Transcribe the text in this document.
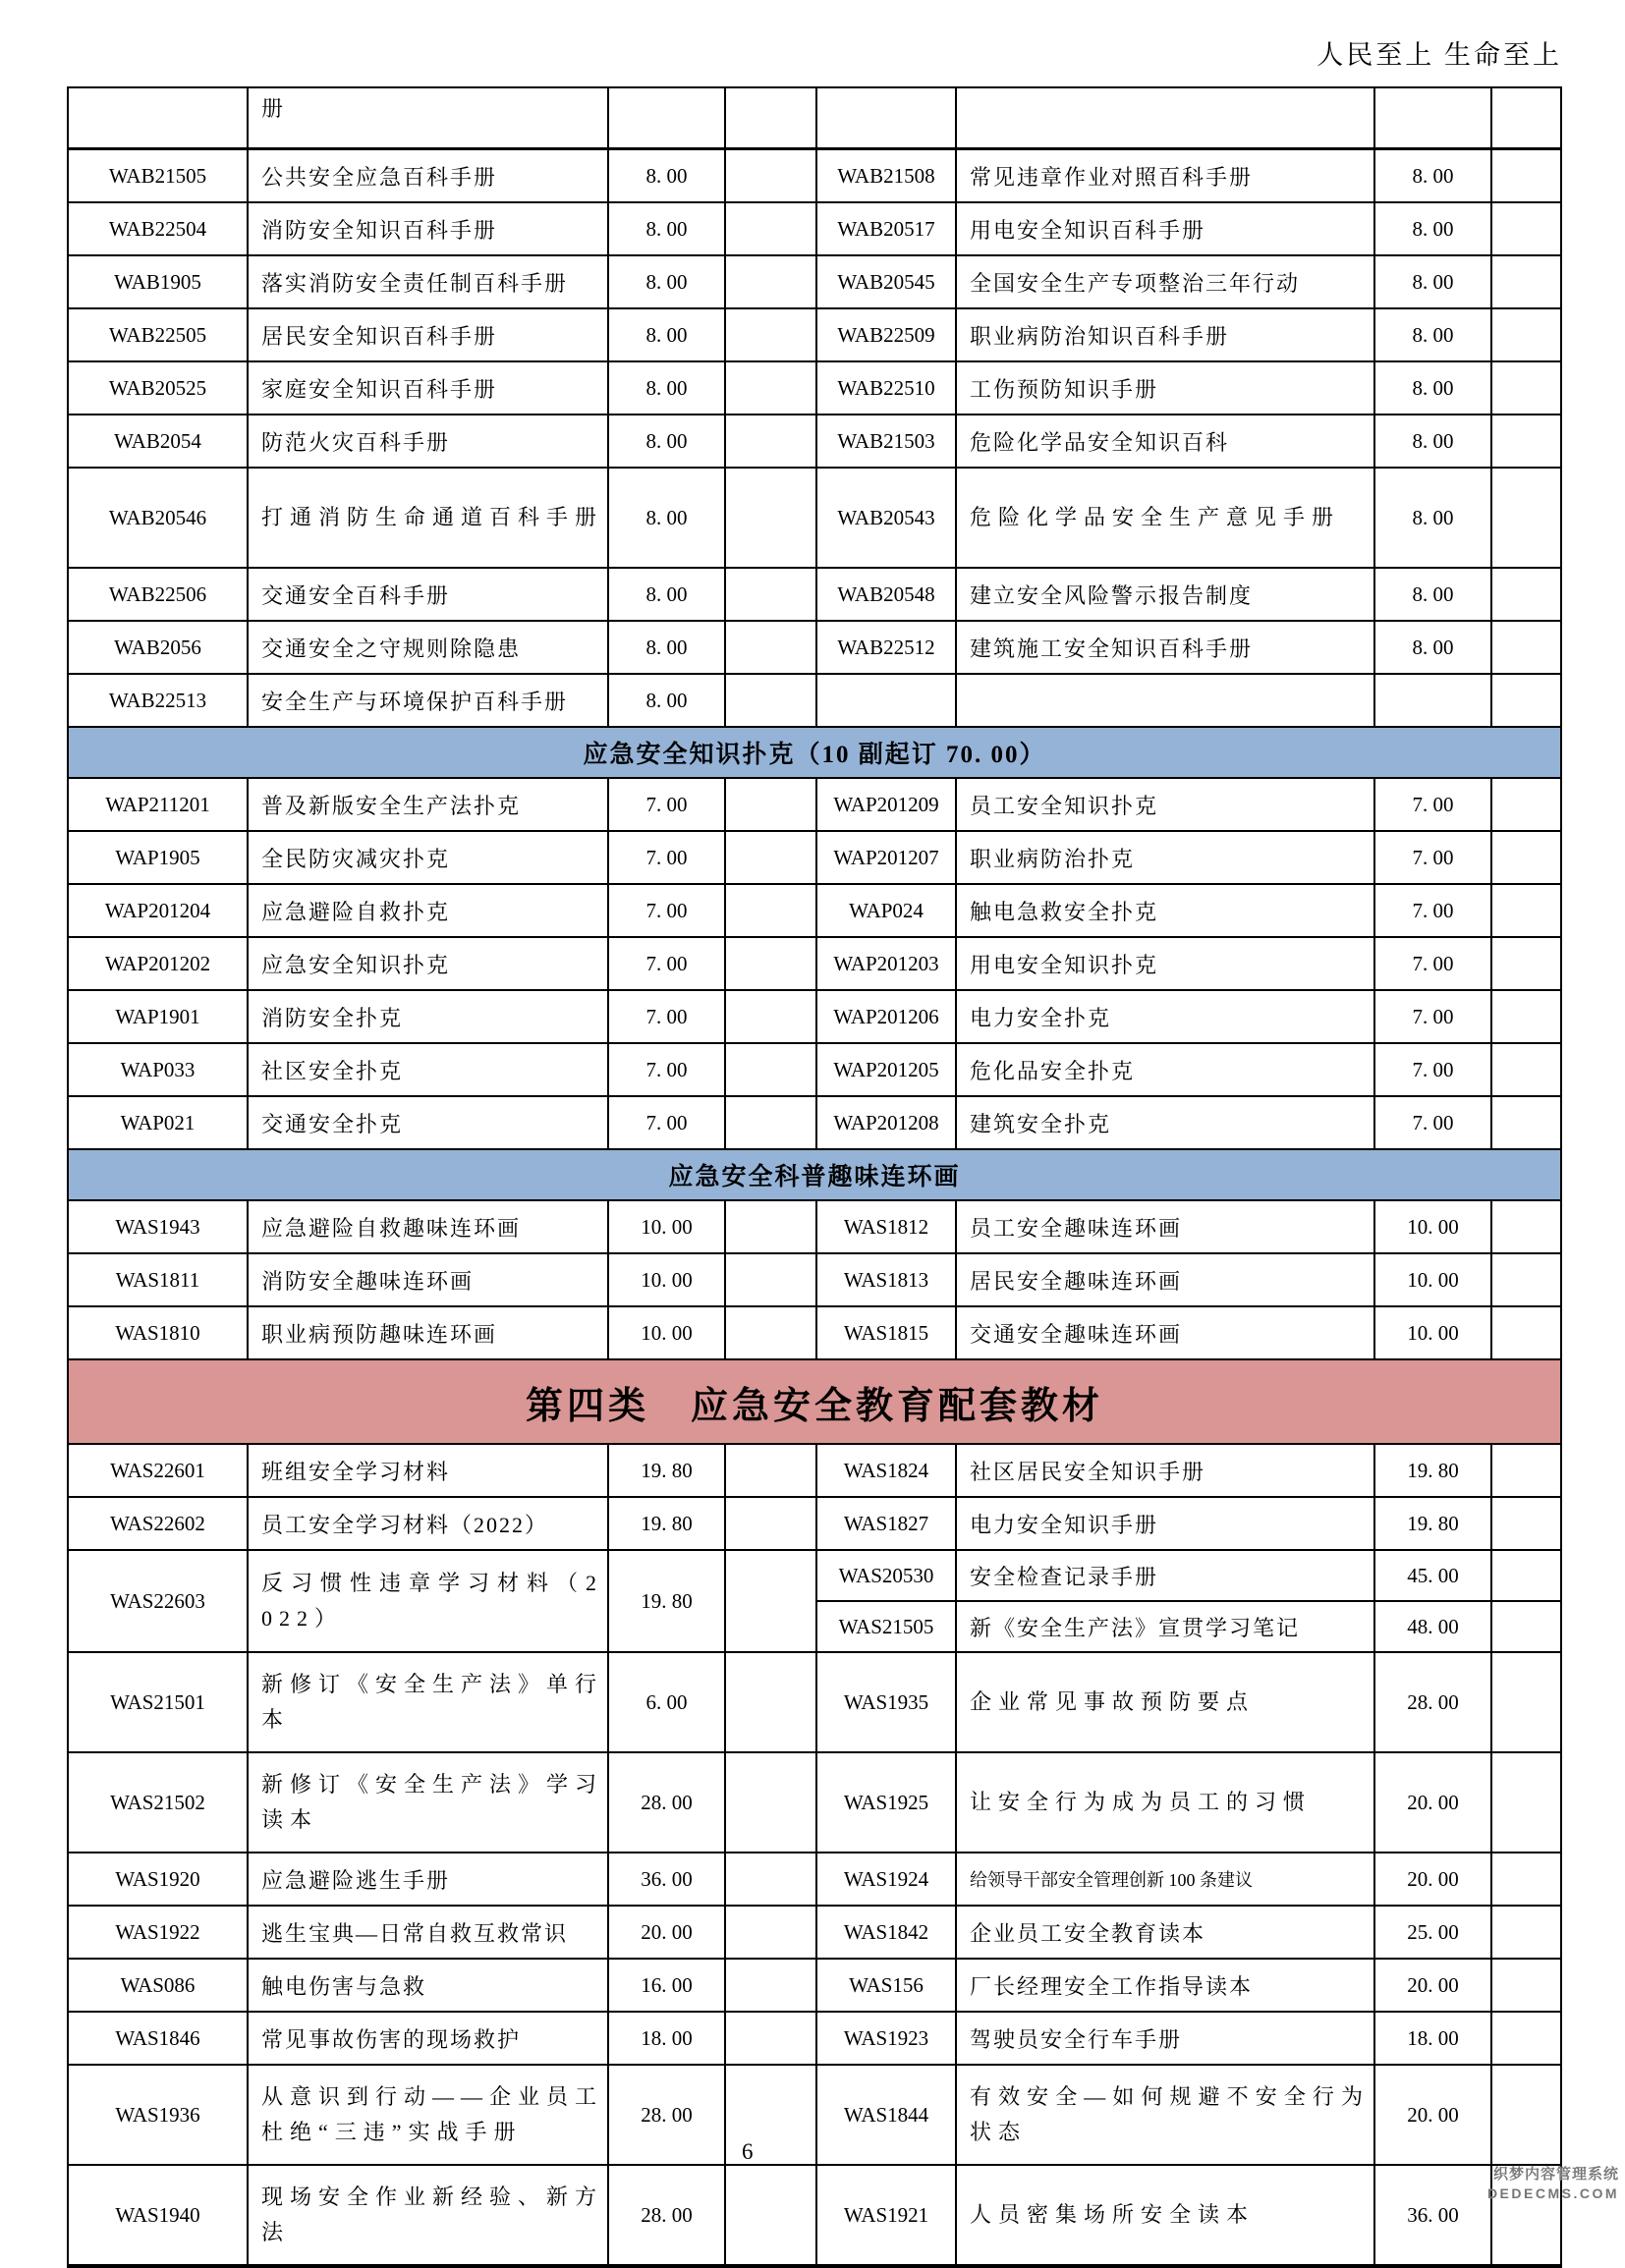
人民至上 生命至上
	册						
WAB21505	公共安全应急百科手册	8. 00		WAB21508	常见违章作业对照百科手册	8. 00	
WAB22504	消防安全知识百科手册	8. 00		WAB20517	用电安全知识百科手册	8. 00	
WAB1905	落实消防安全责任制百科手册	8. 00		WAB20545	全国安全生产专项整治三年行动	8. 00	
WAB22505	居民安全知识百科手册	8. 00		WAB22509	职业病防治知识百科手册	8. 00	
WAB20525	家庭安全知识百科手册	8. 00		WAB22510	工伤预防知识手册	8. 00	
WAB2054	防范火灾百科手册	8. 00		WAB21503	危险化学品安全知识百科	8. 00	
WAB20546	打通消防生命通道百科手册	8. 00		WAB20543	危险化学品安全生产意见手册	8. 00	
WAB22506	交通安全百科手册	8. 00		WAB20548	建立安全风险警示报告制度	8. 00	
WAB2056	交通安全之守规则除隐患	8. 00		WAB22512	建筑施工安全知识百科手册	8. 00	
WAB22513	安全生产与环境保护百科手册	8. 00					
应急安全知识扑克（10 副起订 70. 00）							
WAP211201	普及新版安全生产法扑克	7. 00		WAP201209	员工安全知识扑克	7. 00	
WAP1905	全民防灾减灾扑克	7. 00		WAP201207	职业病防治扑克	7. 00	
WAP201204	应急避险自救扑克	7. 00		WAP024	触电急救安全扑克	7. 00	
WAP201202	应急安全知识扑克	7. 00		WAP201203	用电安全知识扑克	7. 00	
WAP1901	消防安全扑克	7. 00		WAP201206	电力安全扑克	7. 00	
WAP033	社区安全扑克	7. 00		WAP201205	危化品安全扑克	7. 00	
WAP021	交通安全扑克	7. 00		WAP201208	建筑安全扑克	7. 00	
应急安全科普趣味连环画							
WAS1943	应急避险自救趣味连环画	10. 00		WAS1812	员工安全趣味连环画	10. 00	
WAS1811	消防安全趣味连环画	10. 00		WAS1813	居民安全趣味连环画	10. 00	
WAS1810	职业病预防趣味连环画	10. 00		WAS1815	交通安全趣味连环画	10. 00	
第四类　应急安全教育配套教材							
WAS22601	班组安全学习材料	19. 80		WAS1824	社区居民安全知识手册	19. 80	
WAS22602	员工安全学习材料（2022）	19. 80		WAS1827	电力安全知识手册	19. 80	
WAS22603	反习惯性违章学习材料（2022）	19. 80		WAS20530	安全检查记录手册	45. 00	
				WAS21505	新《安全生产法》宣贯学习笔记	48. 00	
WAS21501	新修订《安全生产法》单行本	6. 00		WAS1935	企业常见事故预防要点	28. 00	
WAS21502	新修订《安全生产法》学习读本	28. 00		WAS1925	让安全行为成为员工的习惯	20. 00	
WAS1920	应急避险逃生手册	36. 00		WAS1924	给领导干部安全管理创新 100 条建议	20. 00	
WAS1922	逃生宝典—日常自救互救常识	20. 00		WAS1842	企业员工安全教育读本	25. 00	
WAS086	触电伤害与急救	16. 00		WAS156	厂长经理安全工作指导读本	20. 00	
WAS1846	常见事故伤害的现场救护	18. 00		WAS1923	驾驶员安全行车手册	18. 00	
WAS1936	从意识到行动——企业员工杜绝“三违”实战手册	28. 00		WAS1844	有效安全—如何规避不安全行为状态	20. 00	
WAS1940	现场安全作业新经验、新方法	28. 00		WAS1921	人员密集场所安全读本	36. 00	
6
织梦内容管理系统
DEDECMS.COM
